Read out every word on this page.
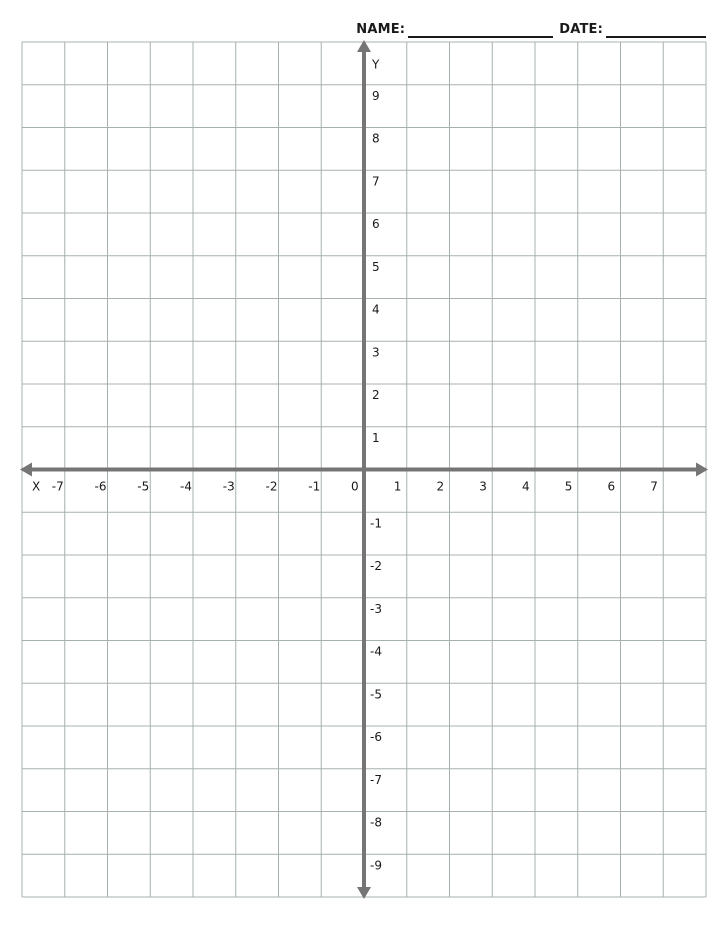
NAME:	DATE:
X
Y
-7	-6	-5	-4	-3	-2	-1	0	1	2	3	4	5	6	7
9
8
7
6
5
4
3
2
1
-1
-2
-3
-4
-5
-6
-7
-8
-9
